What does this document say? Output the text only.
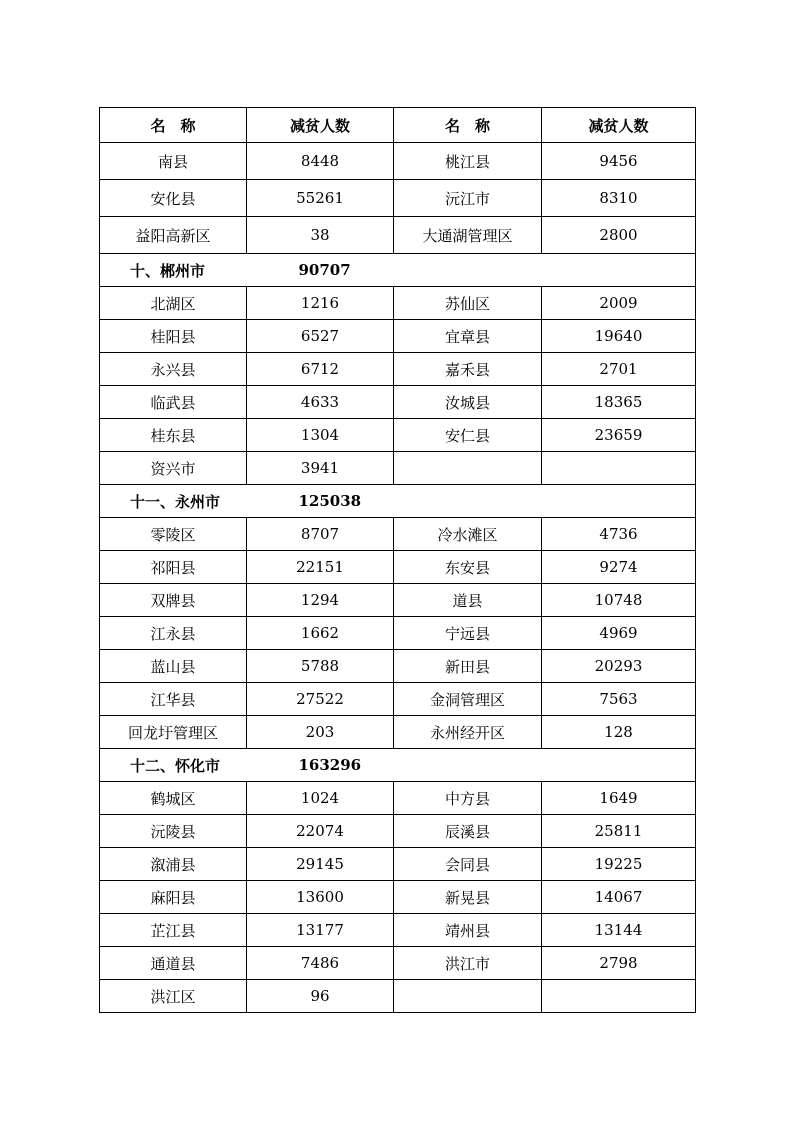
名　称	减贫人数	名　称	减贫人数
南县	8448	桃江县	9456
安化县	55261	沅江市	8310
益阳高新区	38	大通湖管理区	2800
十、郴州市	90707		
北湖区	1216	苏仙区	2009
桂阳县	6527	宜章县	19640
永兴县	6712	嘉禾县	2701
临武县	4633	汝城县	18365
桂东县	1304	安仁县	23659
资兴市	3941		
十一、永州市	125038		
零陵区	8707	冷水滩区	4736
祁阳县	22151	东安县	9274
双牌县	1294	道县	10748
江永县	1662	宁远县	4969
蓝山县	5788	新田县	20293
江华县	27522	金洞管理区	7563
回龙圩管理区	203	永州经开区	128
十二、怀化市	163296		
鹤城区	1024	中方县	1649
沅陵县	22074	辰溪县	25811
溆浦县	29145	会同县	19225
麻阳县	13600	新晃县	14067
芷江县	13177	靖州县	13144
通道县	7486	洪江市	2798
洪江区	96		
